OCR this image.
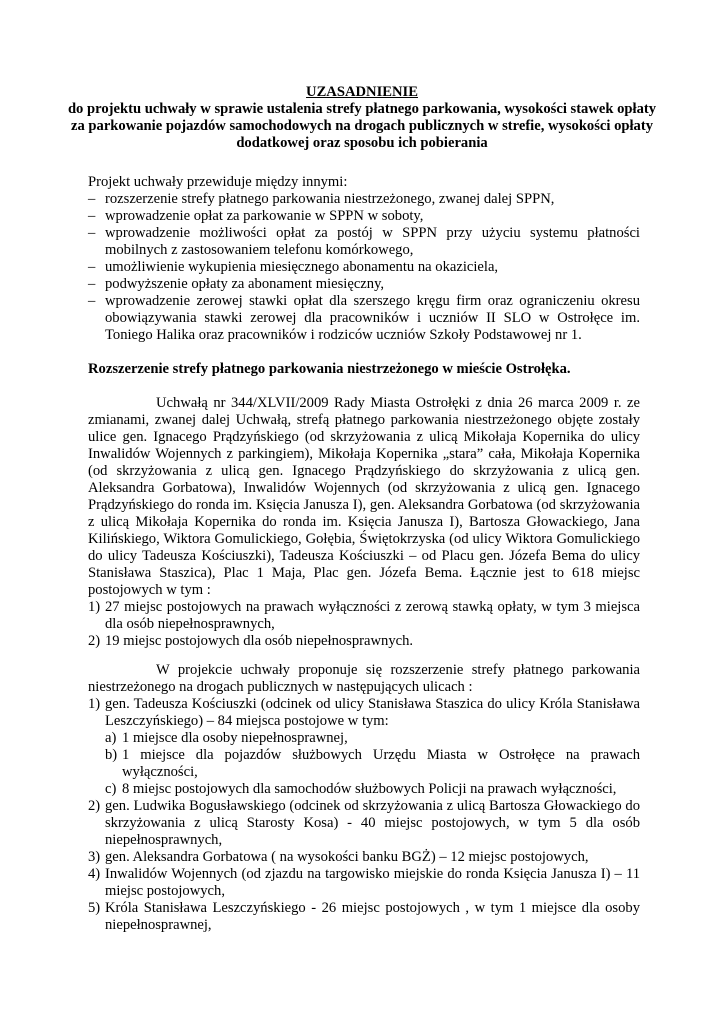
UZASADNIENIE
do projektu uchwały w sprawie ustalenia strefy płatnego parkowania, wysokości stawek opłaty za parkowanie pojazdów samochodowych na drogach publicznych w strefie, wysokości opłaty dodatkowej oraz sposobu ich pobierania
Projekt uchwały przewiduje między innymi:
– rozszerzenie strefy płatnego parkowania niestrzeżonego, zwanej dalej SPPN,
– wprowadzenie opłat za parkowanie w SPPN w soboty,
– wprowadzenie możliwości opłat za postój w SPPN przy użyciu systemu płatności mobilnych z zastosowaniem telefonu komórkowego,
– umożliwienie wykupienia miesięcznego abonamentu na okaziciela,
– podwyższenie opłaty za abonament miesięczny,
– wprowadzenie zerowej stawki opłat dla szerszego kręgu firm oraz ograniczeniu okresu obowiązywania stawki zerowej dla pracowników i uczniów II SLO w Ostrołęce im. Toniego Halika oraz pracowników i rodziców uczniów Szkoły Podstawowej nr 1.
Rozszerzenie strefy płatnego parkowania niestrzeżonego w mieście Ostrołęka.
Uchwałą nr 344/XLVII/2009 Rady Miasta Ostrołęki z dnia 26 marca 2009 r. ze zmianami, zwanej dalej Uchwałą, strefą płatnego parkowania niestrzeżonego objęte zostały ulice gen. Ignacego Prądzyńskiego (od skrzyżowania z ulicą Mikołaja Kopernika do ulicy Inwalidów Wojennych z parkingiem), Mikołaja Kopernika „stara” cała, Mikołaja Kopernika (od skrzyżowania z ulicą gen. Ignacego Prądzyńskiego do skrzyżowania z ulicą gen. Aleksandra Gorbatowa), Inwalidów Wojennych (od skrzyżowania z ulicą gen. Ignacego Prądzyńskiego do ronda im. Księcia Janusza I), gen. Aleksandra Gorbatowa (od skrzyżowania z ulicą Mikołaja Kopernika do ronda im. Księcia Janusza I), Bartosza Głowackiego, Jana Kilińskiego, Wiktora Gomulickiego, Gołębia, Świętokrzyska (od ulicy Wiktora Gomulickiego do ulicy Tadeusza Kościuszki), Tadeusza Kościuszki – od Placu gen. Józefa Bema do ulicy Stanisława Staszica), Plac 1 Maja, Plac gen. Józefa Bema. Łącznie jest to 618 miejsc postojowych w tym :
1) 27 miejsc postojowych na prawach wyłączności z zerową stawką opłaty, w tym 3 miejsca dla osób niepełnosprawnych,
2) 19 miejsc postojowych dla osób niepełnosprawnych.
W projekcie uchwały proponuje się rozszerzenie strefy płatnego parkowania niestrzeżonego na drogach publicznych w następujących ulicach :
1) gen. Tadeusza Kościuszki (odcinek od ulicy Stanisława Staszica do ulicy Króla Stanisława Leszczyńskiego) – 84 miejsca postojowe w tym:
a) 1 miejsce dla osoby niepełnosprawnej,
b) 1 miejsce dla pojazdów służbowych Urzędu Miasta w Ostrołęce na prawach wyłączności,
c) 8 miejsc postojowych dla samochodów służbowych Policji na prawach wyłączności,
2) gen. Ludwika Bogusławskiego (odcinek od skrzyżowania z ulicą Bartosza Głowackiego do skrzyżowania z ulicą Starosty Kosa) - 40 miejsc postojowych, w tym 5 dla osób niepełnosprawnych,
3) gen. Aleksandra Gorbatowa ( na wysokości banku BGŻ) – 12 miejsc postojowych,
4) Inwalidów Wojennych (od zjazdu na targowisko miejskie do ronda Księcia Janusza I) – 11 miejsc postojowych,
5) Króla Stanisława Leszczyńskiego - 26 miejsc postojowych , w tym 1 miejsce dla osoby niepełnosprawnej,
